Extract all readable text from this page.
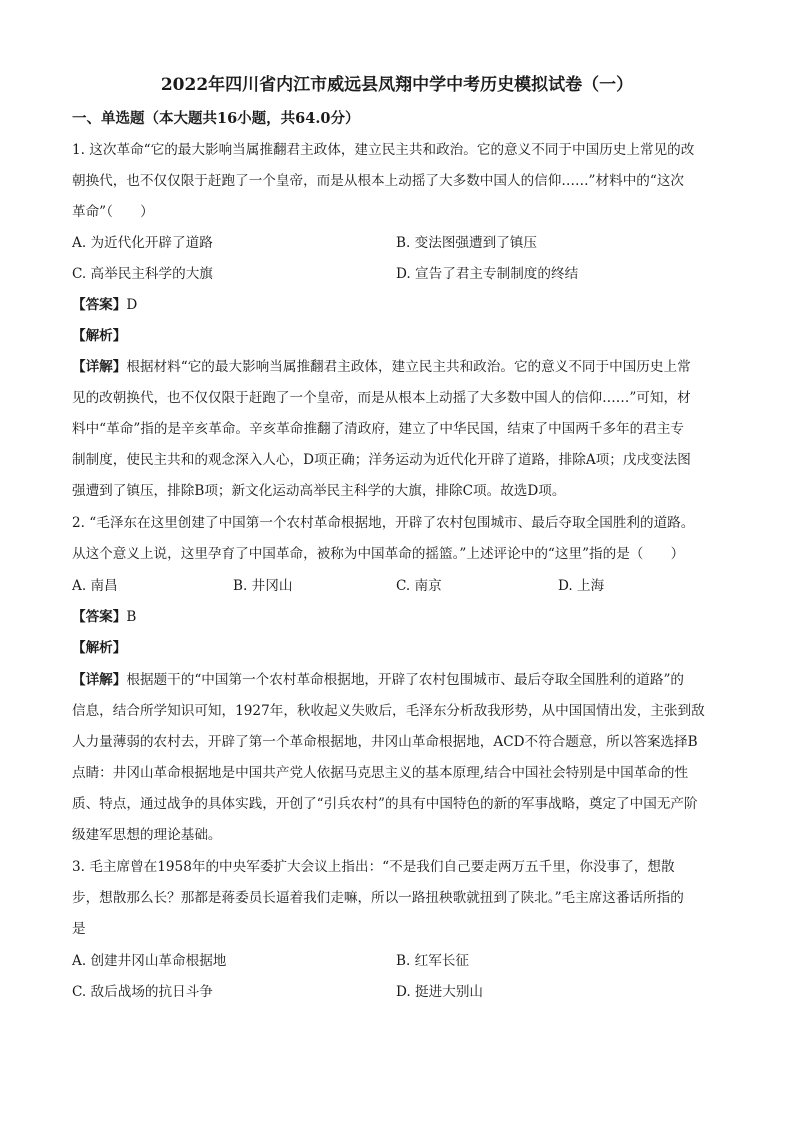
2022年四川省内江市威远县凤翔中学中考历史模拟试卷（一）
一、单选题（本大题共16小题，共64.0分）
1. 这次革命“它的最大影响当属推翻君主政体，建立民主共和政治。它的意义不同于中国历史上常见的改
朝换代，也不仅仅限于赶跑了一个皇帝，而是从根本上动摇了大多数中国人的信仰……”材料中的“这次
革命”（　　）
A. 为近代化开辟了道路	B. 变法图强遭到了镇压
C. 高举民主科学的大旗	D. 宣告了君主专制制度的终结
【答案】D
【解析】
【详解】根据材料“它的最大影响当属推翻君主政体，建立民主共和政治。它的意义不同于中国历史上常
见的改朝换代，也不仅仅限于赶跑了一个皇帝，而是从根本上动摇了大多数中国人的信仰……”可知，材
料中“革命”指的是辛亥革命。辛亥革命推翻了清政府，建立了中华民国，结束了中国两千多年的君主专
制制度，使民主共和的观念深入人心，D项正确；洋务运动为近代化开辟了道路，排除A项；戊戌变法图
强遭到了镇压，排除B项；新文化运动高举民主科学的大旗，排除C项。故选D项。
2. “毛泽东在这里创建了中国第一个农村革命根据地，开辟了农村包围城市、最后夺取全国胜利的道路。
从这个意义上说，这里孕育了中国革命，被称为中国革命的摇篮。”上述评论中的“这里”指的是（　　）
A. 南昌	B. 井冈山	C. 南京	D. 上海
【答案】B
【解析】
【详解】根据题干的“中国第一个农村革命根据地，开辟了农村包围城市、最后夺取全国胜利的道路”的
信息，结合所学知识可知，1927年，秋收起义失败后，毛泽东分析敌我形势，从中国国情出发，主张到敌
人力量薄弱的农村去，开辟了第一个革命根据地，井冈山革命根据地，ACD不符合题意，所以答案选择B
点睛：井冈山革命根据地是中国共产党人依据马克思主义的基本原理,结合中国社会特别是中国革命的性
质、特点，通过战争的具体实践，开创了“引兵农村”的具有中国特色的新的军事战略，奠定了中国无产阶
级建军思想的理论基础。
3. 毛主席曾在1958年的中央军委扩大会议上指出：“不是我们自己要走两万五千里，你没事了，想散
步，想散那么长？那都是蒋委员长逼着我们走嘛，所以一路扭秧歌就扭到了陕北。”毛主席这番话所指的
是
A. 创建井冈山革命根据地	B. 红军长征
C. 敌后战场的抗日斗争	D. 挺进大别山
